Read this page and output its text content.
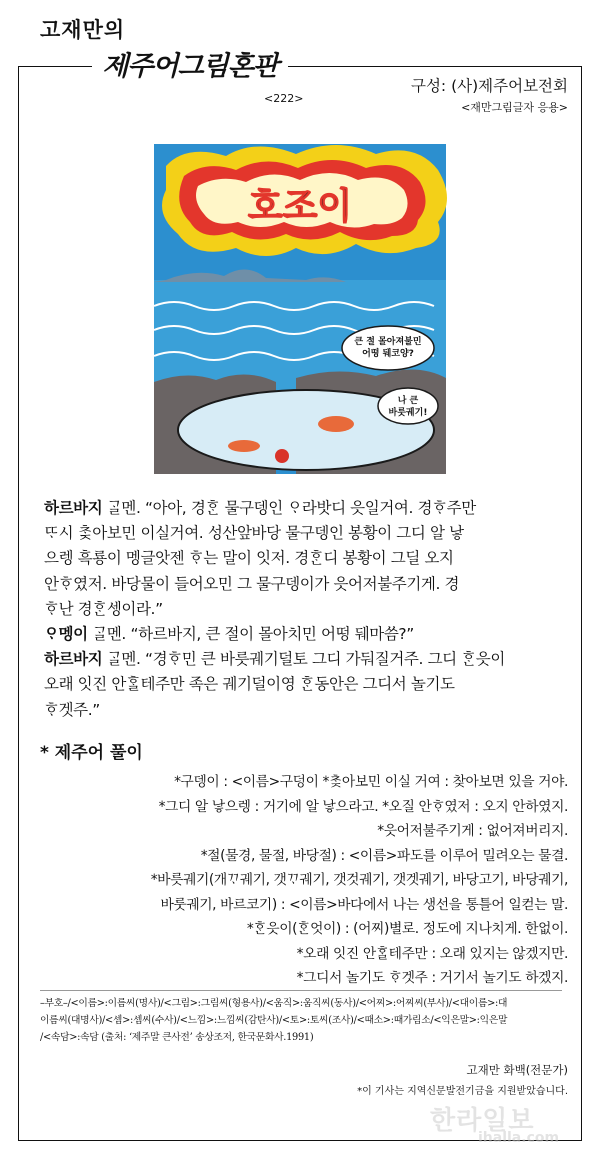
고재만의
제주어그림혼판
<222>
구성: (사)제주어보전회
<재만그림글자 응용>
호조이
큰 절 몰아져불민
어떵 뒈코양?
나 큰
바릇궤기!

하르바지 ᄀᆞᆯ멘. “아아, 경ᄒᆞᆫ 물구뎅인 ᄋᆞ라밧디 읏일거여. 경ᄒᆞ주만

ᄄᆞ시 ᄎᆞᆽ아보민 이실거여. 성산앞바당 물구뎅인 봉황이 그디 알 낳

으렝 흑룡이 멩글앗젠 ᄒᆞ는 말이 잇저. 경ᄒᆞᆫ디 봉황이 그딜 오지

안ᄒᆞ였저. 바당물이 들어오민 그 물구뎅이가 읏어저불주기게. 경

ᄒᆞ난 경ᄒᆞᆫ셍이라.”

ᄋᆞ멩이 ᄀᆞᆯ멘. “하르바지, 큰 절이 몰아치민 어떵 뒈마씀?”

하르바지 ᄀᆞᆯ멘. “경ᄒᆞ민 큰 바릇궤기덜토 그디 가둬질거주. 그디 ᄒᆞᆫ읏이

오래 잇진 안ᄒᆞᆯ테주만 족은 궤기덜이영 ᄒᆞᆫ동안은 그디서 놀기도

ᄒᆞ겟주.”

* 제주어 풀이
*구뎅이 : <이름>구덩이 *ᄎᆞᆽ아보민 이실 거여 : 찾아보면 있을 거야.
*그디 알 낳으렝 : 거기에 알 낳으라고. *오질 안ᄒᆞ였저 : 오지 안하였지.
*읏어저불주기게 : 없어져버리지.
*절(물경, 물절, 바당절) : <이름>파도를 이루어 밀려오는 물결.
*바릇궤기(개ᄁᆞ궤기, 갯ᄁᆞ궤기, 갯것궤기, 갯겟궤기, 바당고기, 바당궤기,
바룻궤기, 바르코기) : <이름>바다에서 나는 생선을 통틀어 일컫는 말.
*ᄒᆞᆫ읏이(ᄒᆞᆫ엇이) : (어찌)별로. 정도에 지나치게. 한없이.
*오래 잇진 안ᄒᆞᆯ테주만 : 오래 있지는 않겠지만.
*그디서 놀기도 ᄒᆞ겟주 : 거기서 놀기도 하겠지.
–부호–/<이름>:이름씨(명사)/<그림>:그림씨(형용사)/<움직>:움직씨(동사)/<어찌>:어찌씨(부사)/<대이름>:대
이름씨(대명사)/<셈>:셈씨(수사)/<느낌>:느낌씨(감탄사)/<토>:토씨(조사)/<때소>:때가림소/<익은말>:익은말
/<속담>:속담 (출처: ‘제주말 큰사전’ 송상조저, 한국문화사.1991)
고재만 화백(전문가)
*이 기사는 지역신문발전기금을 지원받았습니다.
한라일보
ihalla.com
